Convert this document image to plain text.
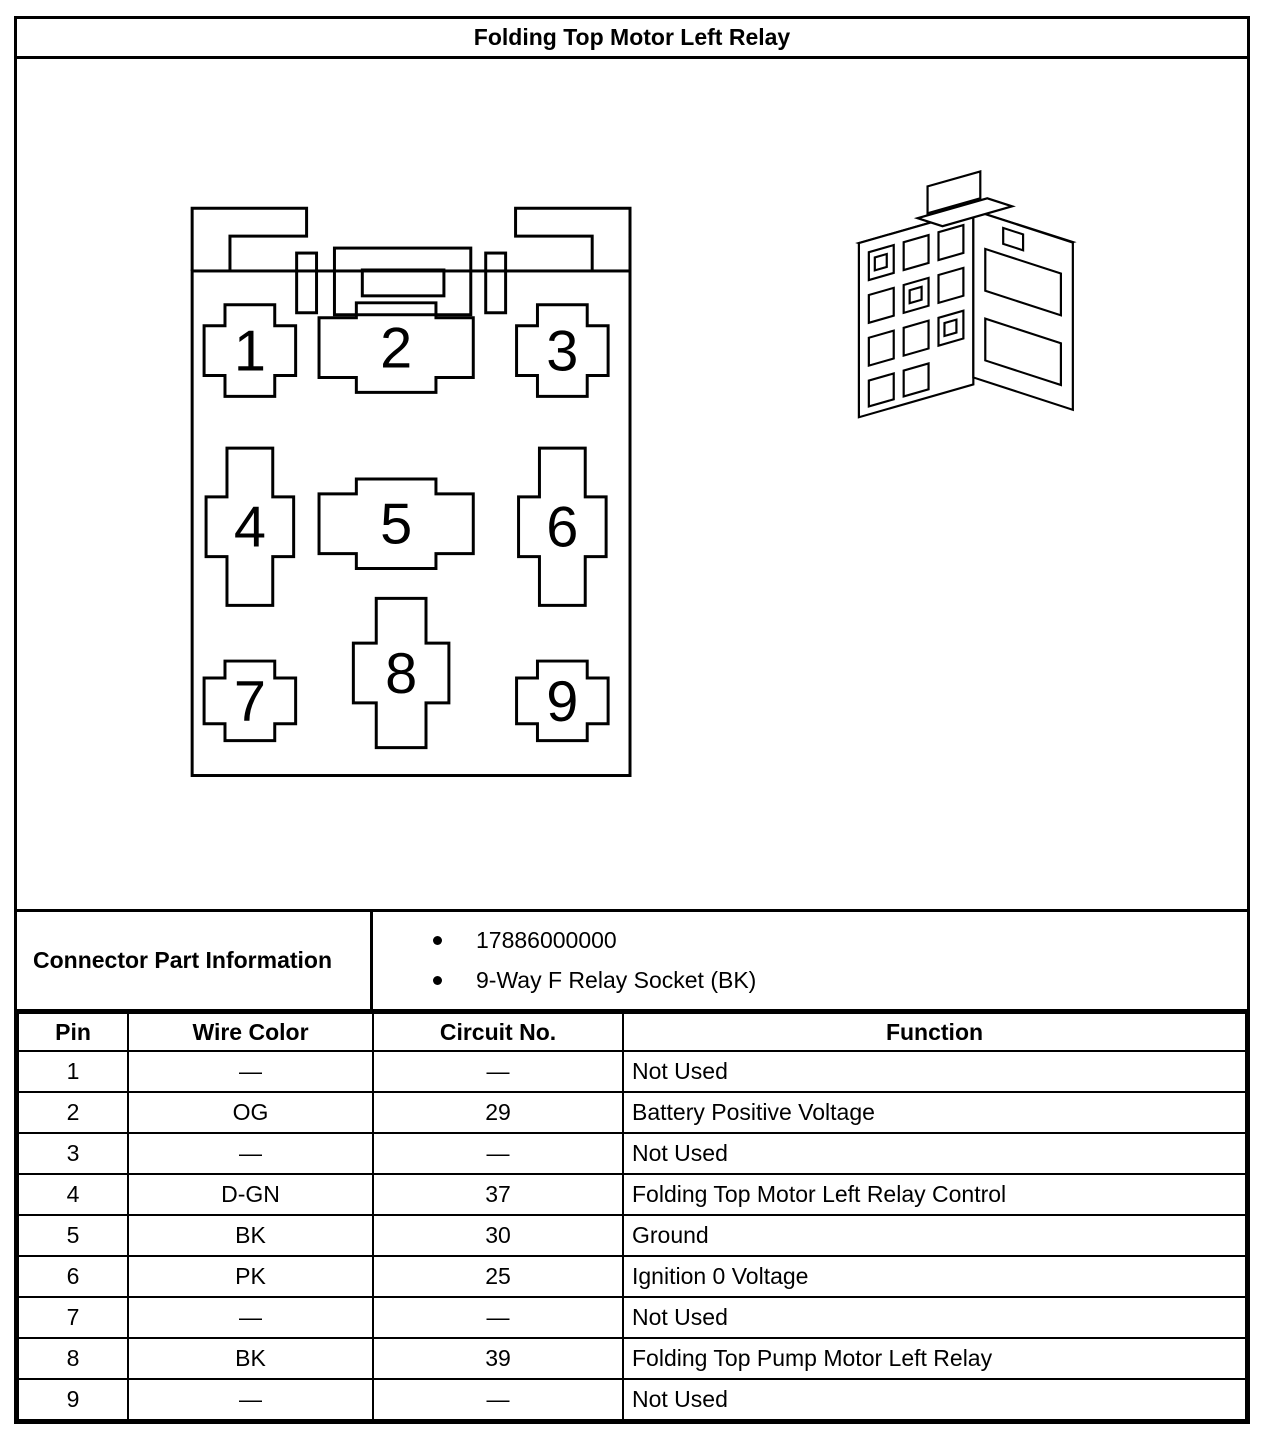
Folding Top Motor Left Relay
1 2 3
4 5 6
7 8 9
Connector Part Information
17886000000
9-Way F Relay Socket (BK)
Pin	Wire Color	Circuit No.	Function
1	—	—	Not Used
2	OG	29	Battery Positive Voltage
3	—	—	Not Used
4	D-GN	37	Folding Top Motor Left Relay Control
5	BK	30	Ground
6	PK	25	Ignition 0 Voltage
7	—	—	Not Used
8	BK	39	Folding Top Pump Motor Left Relay
9	—	—	Not Used
